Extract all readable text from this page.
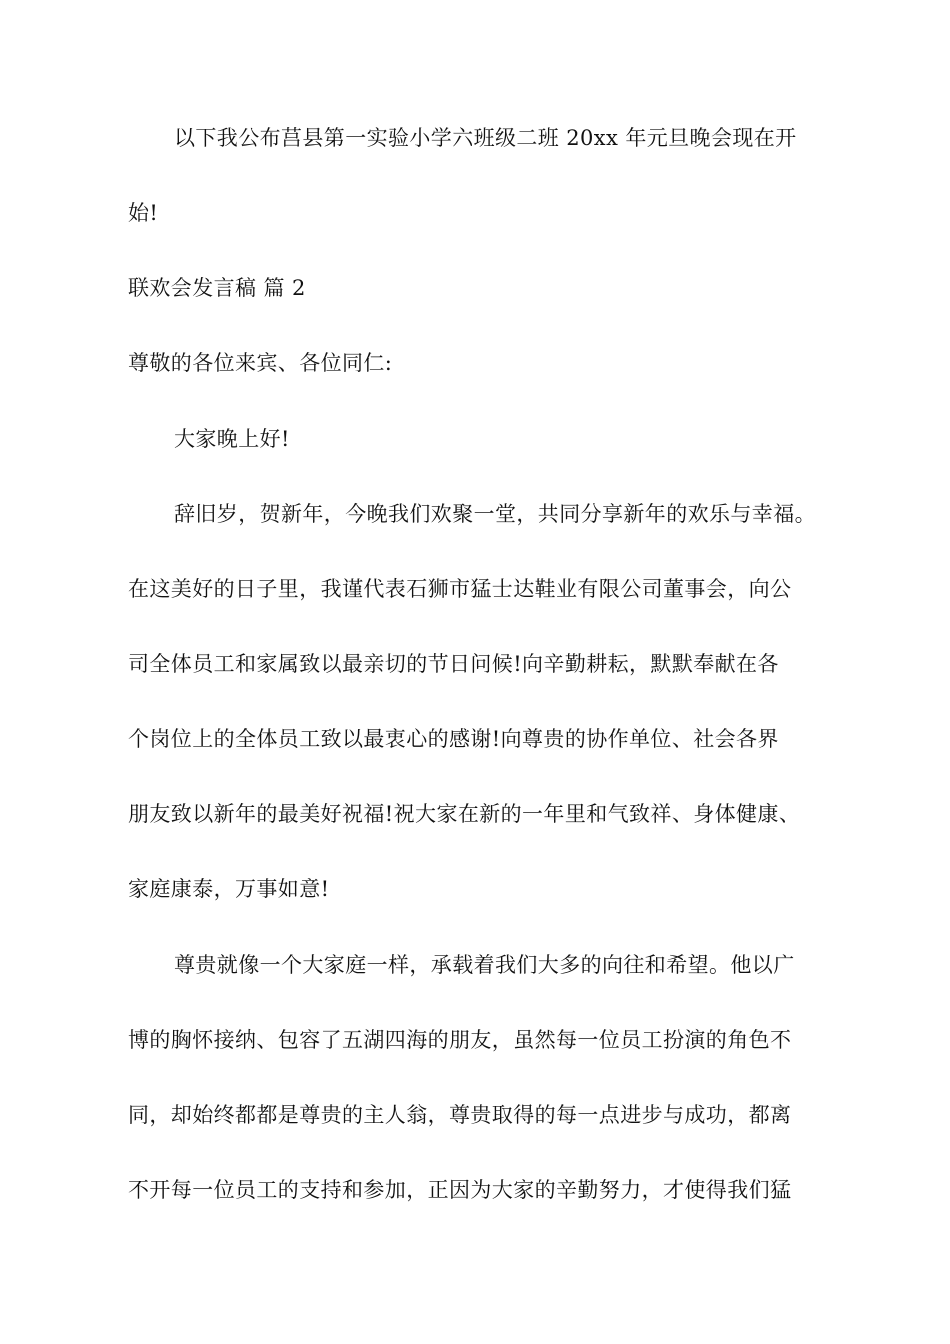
以下我公布莒县第一实验小学六班级二班 20xx 年元旦晚会现在开
始!
联欢会发言稿 篇 2
尊敬的各位来宾、各位同仁:
大家晚上好!
辞旧岁，贺新年，今晚我们欢聚一堂，共同分享新年的欢乐与幸福。
在这美好的日子里，我谨代表石狮市猛士达鞋业有限公司董事会，向公
司全体员工和家属致以最亲切的节日问候!向辛勤耕耘，默默奉献在各
个岗位上的全体员工致以最衷心的感谢!向尊贵的协作单位、社会各界
朋友致以新年的最美好祝福!祝大家在新的一年里和气致祥、身体健康、
家庭康泰，万事如意!
尊贵就像一个大家庭一样，承载着我们大多的向往和希望。他以广
博的胸怀接纳、包容了五湖四海的朋友，虽然每一位员工扮演的角色不
同，却始终都都是尊贵的主人翁，尊贵取得的每一点进步与成功，都离
不开每一位员工的支持和参加，正因为大家的辛勤努力，才使得我们猛
